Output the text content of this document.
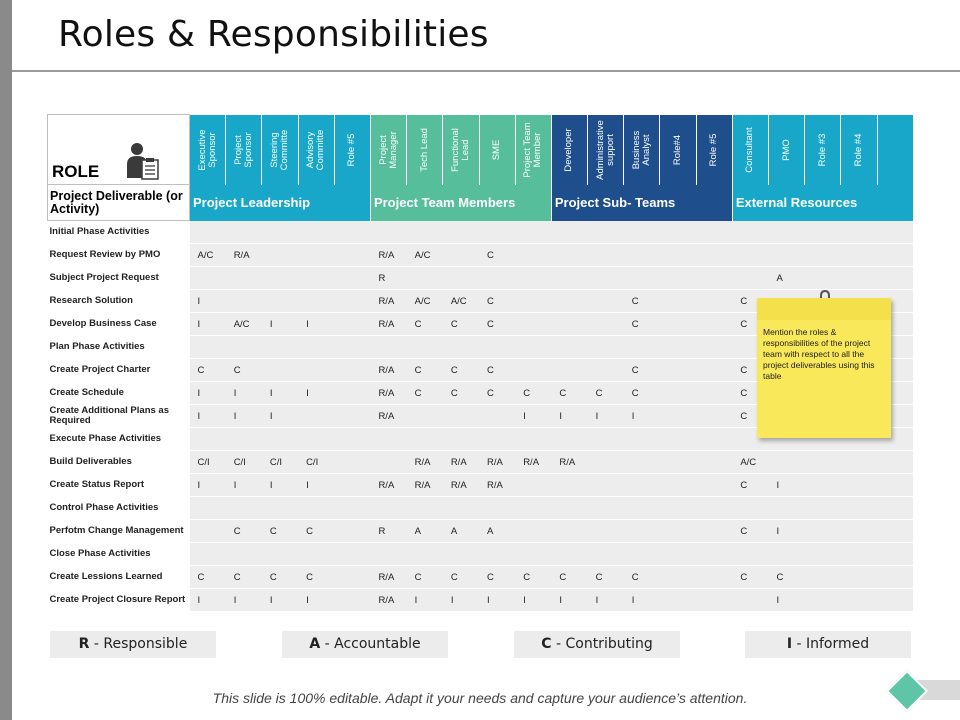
Roles & Responsibilities
ROLE	Executive Sponsor	Project Sponsor	Steering Committe	Advisory Committe	Role #5	Project Manager	Tech Lead	Functional Lead	SME	Project Team Member	Developer	Administrative support	Business Analyst	Role#4	Role #5	Consultant	PMO	Role #3	Role #4	

Project Deliverable (or Activity)	Project Leadership					Project Team Members					Project Sub- Teams					External Resources				
Initial Phase Activities																				
Request Review by PMO	A/C	R/A				R/A	A/C		C											
Subject Project Request						R											A			
Research Solution	I					R/A	A/C	A/C	C				C			C				
Develop Business Case	I	A/C	I	I		R/A	C	C	C				C			C				
Plan Phase Activities																				
Create Project Charter	C	C				R/A	C	C	C				C			C				
Create Schedule	I	I	I	I		R/A	C	C	C	C	C	C	C			C				
Create Additional Plans as Required	I	I	I			R/A				I	I	I	I			C				
Execute Phase Activities																				
Build Deliverables	C/I	C/I	C/I	C/I			R/A	R/A	R/A	R/A	R/A					A/C				
Create Status Report	I	I	I	I		R/A	R/A	R/A	R/A							C	I			
Control Phase Activities																				
Perfotm Change Management		C	C	C		R	A	A	A							C	I			
Close Phase Activities																				
Create Lessions Learned	C	C	C	C		R/A	C	C	C	C	C	C	C			C	C			
Create Project Closure Report	I	I	I	I		R/A	I	I	I	I	I	I	I				I			
Mention the roles & responsibilities of the project team with respect to all the project deliverables using this table
R - Responsible	A - Accountable	C - Contributing	I - Informed
This slide is 100% editable. Adapt it your needs and capture your audience’s attention.
